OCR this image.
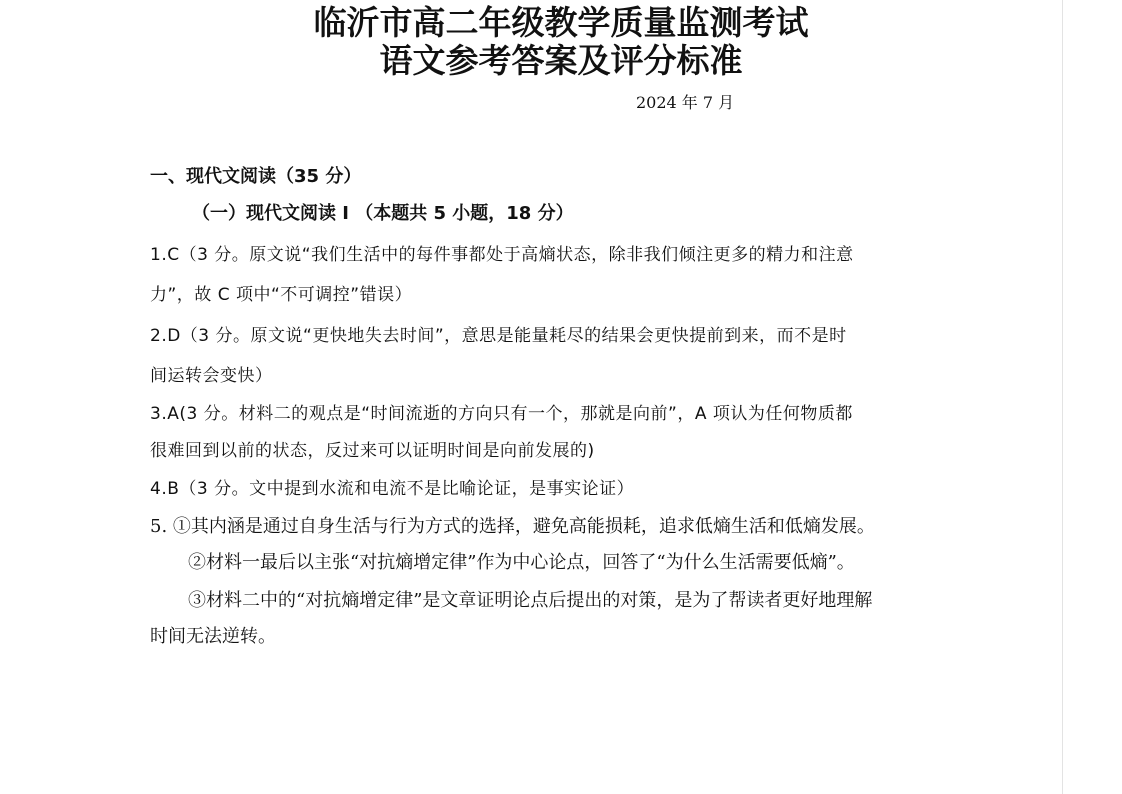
临沂市高二年级教学质量监测考试
语文参考答案及评分标准
2024 年 7 月
一、现代文阅读（35 分）
（一）现代文阅读 I （本题共 5 小题，18 分）
1.C（3 分。原文说“我们生活中的每件事都处于高熵状态，除非我们倾注更多的精力和注意
力”，故 C 项中“不可调控”错误）
2.D（3 分。原文说“更快地失去时间”，意思是能量耗尽的结果会更快提前到来，而不是时
间运转会变快）
3.A(3 分。材料二的观点是“时间流逝的方向只有一个，那就是向前”，A 项认为任何物质都
很难回到以前的状态，反过来可以证明时间是向前发展的)
4.B（3 分。文中提到水流和电流不是比喻论证，是事实论证）
5. ①其内涵是通过自身生活与行为方式的选择，避免高能损耗，追求低熵生活和低熵发展。
②材料一最后以主张“对抗熵增定律”作为中心论点，回答了“为什么生活需要低熵”。
③材料二中的“对抗熵增定律”是文章证明论点后提出的对策，是为了帮读者更好地理解
时间无法逆转。
